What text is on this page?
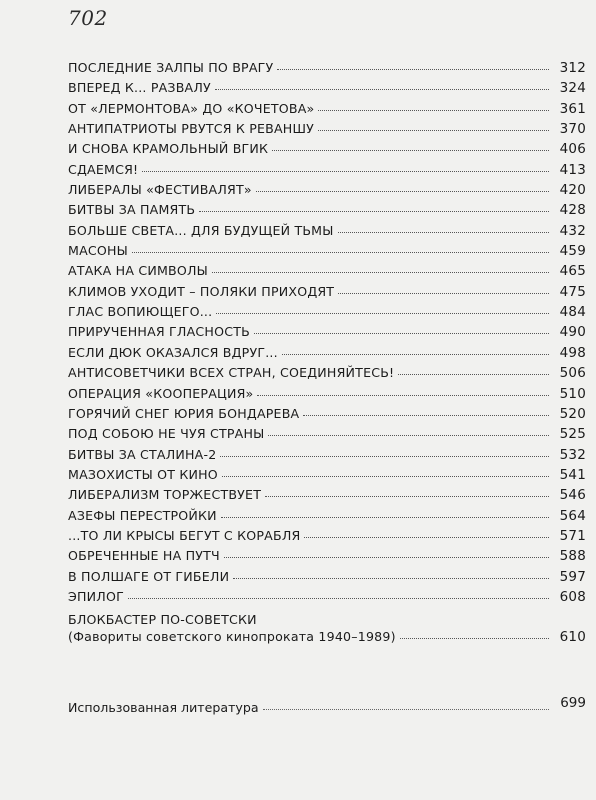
702
ПОСЛЕДНИЕ ЗАЛПЫ ПО ВРАГУ	312
ВПЕРЕД К... РАЗВАЛУ	324
ОТ «ЛЕРМОНТОВА» ДО «КОЧЕТОВА»	361
АНТИПАТРИОТЫ РВУТСЯ К РЕВАНШУ	370
И СНОВА КРАМОЛЬНЫЙ ВГИК	406
СДАЕМСЯ!	413
ЛИБЕРАЛЫ «ФЕСТИВАЛЯТ»	420
БИТВЫ ЗА ПАМЯТЬ	428
БОЛЬШЕ СВЕТА... ДЛЯ БУДУЩЕЙ ТЬМЫ	432
МАСОНЫ	459
АТАКА НА СИМВОЛЫ	465
КЛИМОВ УХОДИТ – ПОЛЯКИ ПРИХОДЯТ	475
ГЛАС ВОПИЮЩЕГО...	484
ПРИРУЧЕННАЯ ГЛАСНОСТЬ	490
ЕСЛИ ДЮК ОКАЗАЛСЯ ВДРУГ...	498
АНТИСОВЕТЧИКИ ВСЕХ СТРАН, СОЕДИНЯЙТЕСЬ!	506
ОПЕРАЦИЯ «КООПЕРАЦИЯ»	510
ГОРЯЧИЙ СНЕГ ЮРИЯ БОНДАРЕВА	520
ПОД СОБОЮ НЕ ЧУЯ СТРАНЫ	525
БИТВЫ ЗА СТАЛИНА-2	532
МАЗОХИСТЫ ОТ КИНО	541
ЛИБЕРАЛИЗМ ТОРЖЕСТВУЕТ	546
АЗЕФЫ ПЕРЕСТРОЙКИ	564
...ТО ЛИ КРЫСЫ БЕГУТ С КОРАБЛЯ	571
ОБРЕЧЕННЫЕ НА ПУТЧ	588
В ПОЛШАГЕ ОТ ГИБЕЛИ	597
ЭПИЛОГ	608
БЛОКБАСТЕР ПО-СОВЕТСКИ
(Фавориты советского кинопроката 1940–1989)	610
Использованная литература	699
